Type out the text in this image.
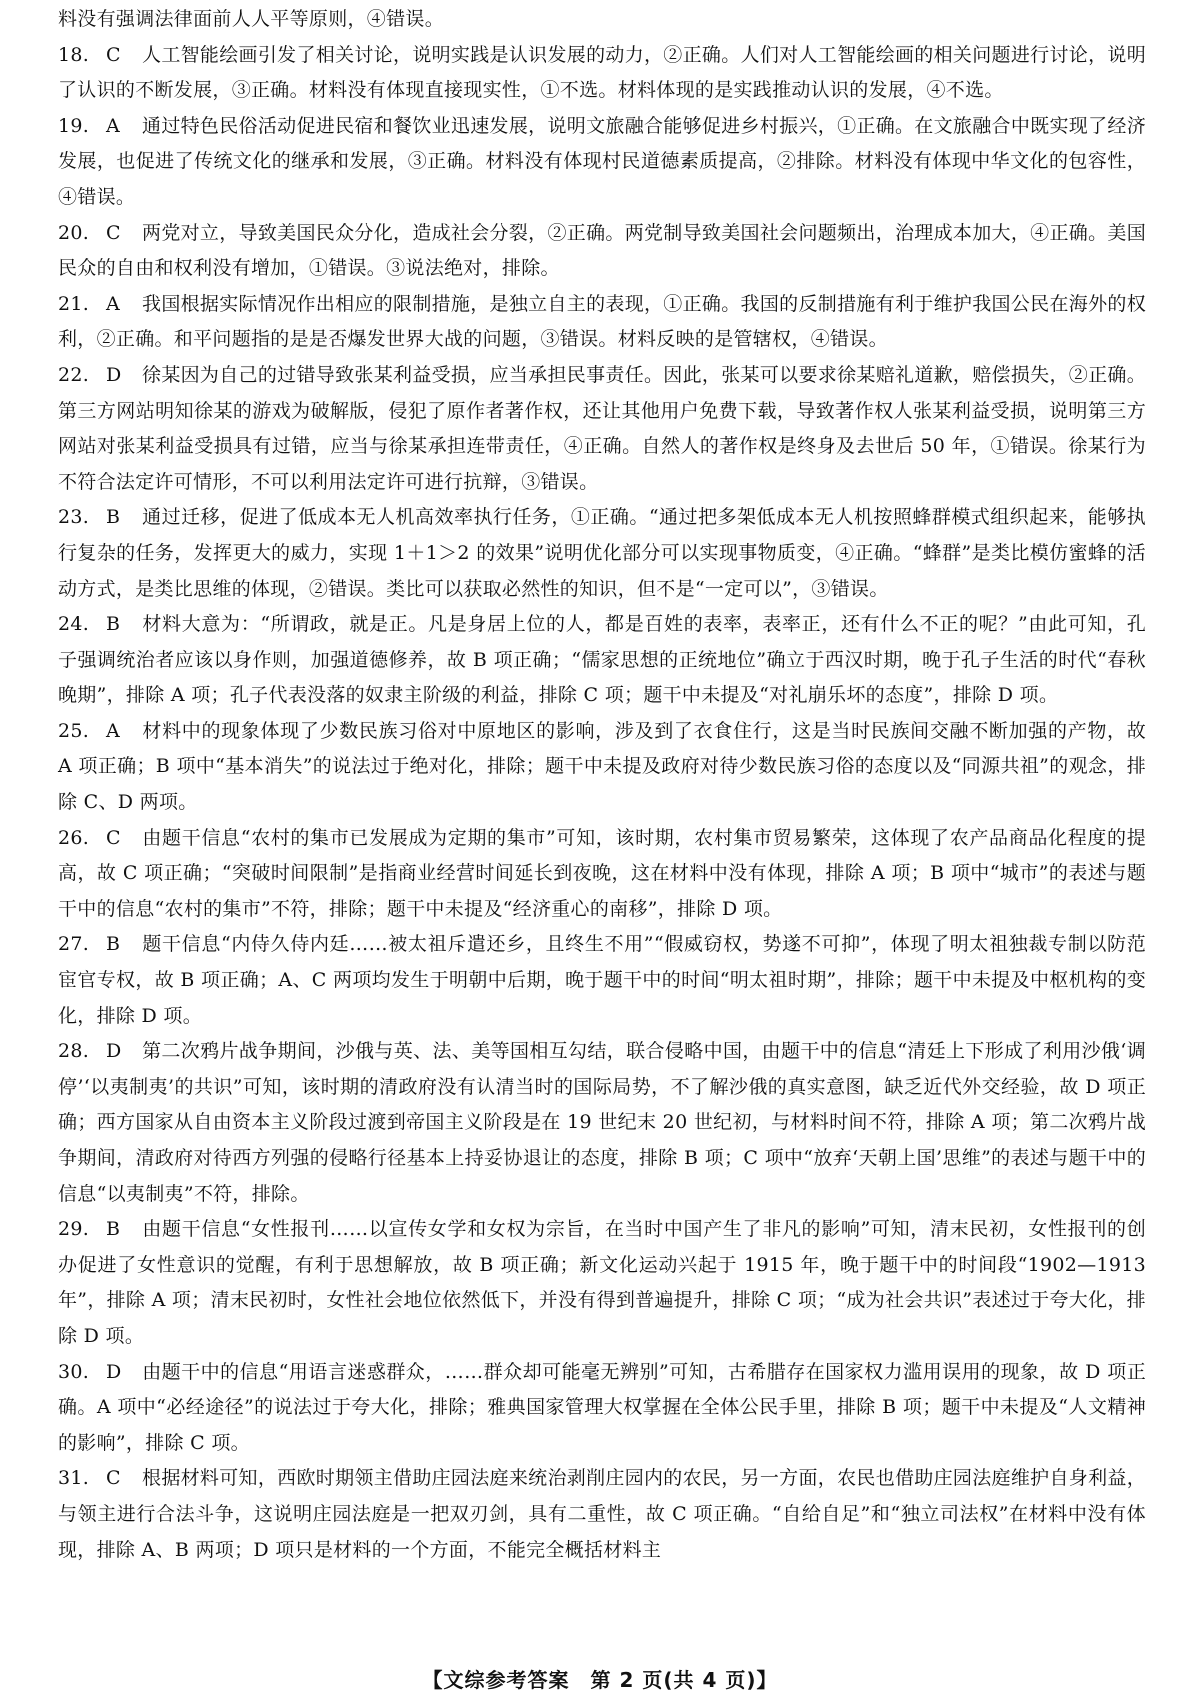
料没有强调法律面前人人平等原则，④错误。
18. C 人工智能绘画引发了相关讨论，说明实践是认识发展的动力，②正确。人们对人工智能绘画的相关问题进行讨论，说明了认识的不断发展，③正确。材料没有体现直接现实性，①不选。材料体现的是实践推动认识的发展，④不选。
19. A 通过特色民俗活动促进民宿和餐饮业迅速发展，说明文旅融合能够促进乡村振兴，①正确。在文旅融合中既实现了经济发展，也促进了传统文化的继承和发展，③正确。材料没有体现村民道德素质提高，②排除。材料没有体现中华文化的包容性，④错误。
20. C 两党对立，导致美国民众分化，造成社会分裂，②正确。两党制导致美国社会问题频出，治理成本加大，④正确。美国民众的自由和权利没有增加，①错误。③说法绝对，排除。
21. A 我国根据实际情况作出相应的限制措施，是独立自主的表现，①正确。我国的反制措施有利于维护我国公民在海外的权利，②正确。和平问题指的是是否爆发世界大战的问题，③错误。材料反映的是管辖权，④错误。
22. D 徐某因为自己的过错导致张某利益受损，应当承担民事责任。因此，张某可以要求徐某赔礼道歉，赔偿损失，②正确。第三方网站明知徐某的游戏为破解版，侵犯了原作者著作权，还让其他用户免费下载，导致著作权人张某利益受损，说明第三方网站对张某利益受损具有过错，应当与徐某承担连带责任，④正确。自然人的著作权是终身及去世后 50 年，①错误。徐某行为不符合法定许可情形，不可以利用法定许可进行抗辩，③错误。
23. B 通过迁移，促进了低成本无人机高效率执行任务，①正确。“通过把多架低成本无人机按照蜂群模式组织起来，能够执行复杂的任务，发挥更大的威力，实现 1＋1＞2 的效果”说明优化部分可以实现事物质变，④正确。“蜂群”是类比模仿蜜蜂的活动方式，是类比思维的体现，②错误。类比可以获取必然性的知识，但不是“一定可以”，③错误。
24. B 材料大意为：“所谓政，就是正。凡是身居上位的人，都是百姓的表率，表率正，还有什么不正的呢？”由此可知，孔子强调统治者应该以身作则，加强道德修养，故 B 项正确；“儒家思想的正统地位”确立于西汉时期，晚于孔子生活的时代“春秋晚期”，排除 A 项；孔子代表没落的奴隶主阶级的利益，排除 C 项；题干中未提及“对礼崩乐坏的态度”，排除 D 项。
25. A 材料中的现象体现了少数民族习俗对中原地区的影响，涉及到了衣食住行，这是当时民族间交融不断加强的产物，故 A 项正确；B 项中“基本消失”的说法过于绝对化，排除；题干中未提及政府对待少数民族习俗的态度以及“同源共祖”的观念，排除 C、D 两项。
26. C 由题干信息“农村的集市已发展成为定期的集市”可知，该时期，农村集市贸易繁荣，这体现了农产品商品化程度的提高，故 C 项正确；“突破时间限制”是指商业经营时间延长到夜晚，这在材料中没有体现，排除 A 项；B 项中“城市”的表述与题干中的信息“农村的集市”不符，排除；题干中未提及“经济重心的南移”，排除 D 项。
27. B 题干信息“内侍久侍内廷……被太祖斥遣还乡，且终生不用”“假威窃权，势遂不可抑”，体现了明太祖独裁专制以防范宦官专权，故 B 项正确；A、C 两项均发生于明朝中后期，晚于题干中的时间“明太祖时期”，排除；题干中未提及中枢机构的变化，排除 D 项。
28. D 第二次鸦片战争期间，沙俄与英、法、美等国相互勾结，联合侵略中国，由题干中的信息“清廷上下形成了利用沙俄‘调停’‘以夷制夷’的共识”可知，该时期的清政府没有认清当时的国际局势，不了解沙俄的真实意图，缺乏近代外交经验，故 D 项正确；西方国家从自由资本主义阶段过渡到帝国主义阶段是在 19 世纪末 20 世纪初，与材料时间不符，排除 A 项；第二次鸦片战争期间，清政府对待西方列强的侵略行径基本上持妥协退让的态度，排除 B 项；C 项中“放弃‘天朝上国’思维”的表述与题干中的信息“以夷制夷”不符，排除。
29. B 由题干信息“女性报刊……以宣传女学和女权为宗旨，在当时中国产生了非凡的影响”可知，清末民初，女性报刊的创办促进了女性意识的觉醒，有利于思想解放，故 B 项正确；新文化运动兴起于 1915 年，晚于题干中的时间段“1902—1913 年”，排除 A 项；清末民初时，女性社会地位依然低下，并没有得到普遍提升，排除 C 项；“成为社会共识”表述过于夸大化，排除 D 项。
30. D 由题干中的信息“用语言迷惑群众，……群众却可能毫无辨别”可知，古希腊存在国家权力滥用误用的现象，故 D 项正确。A 项中“必经途径”的说法过于夸大化，排除；雅典国家管理大权掌握在全体公民手里，排除 B 项；题干中未提及“人文精神的影响”，排除 C 项。
31. C 根据材料可知，西欧时期领主借助庄园法庭来统治剥削庄园内的农民，另一方面，农民也借助庄园法庭维护自身利益，与领主进行合法斗争，这说明庄园法庭是一把双刃剑，具有二重性，故 C 项正确。“自给自足”和“独立司法权”在材料中没有体现，排除 A、B 两项；D 项只是材料的一个方面，不能完全概括材料主
【文综参考答案　第 2 页(共 4 页)】
